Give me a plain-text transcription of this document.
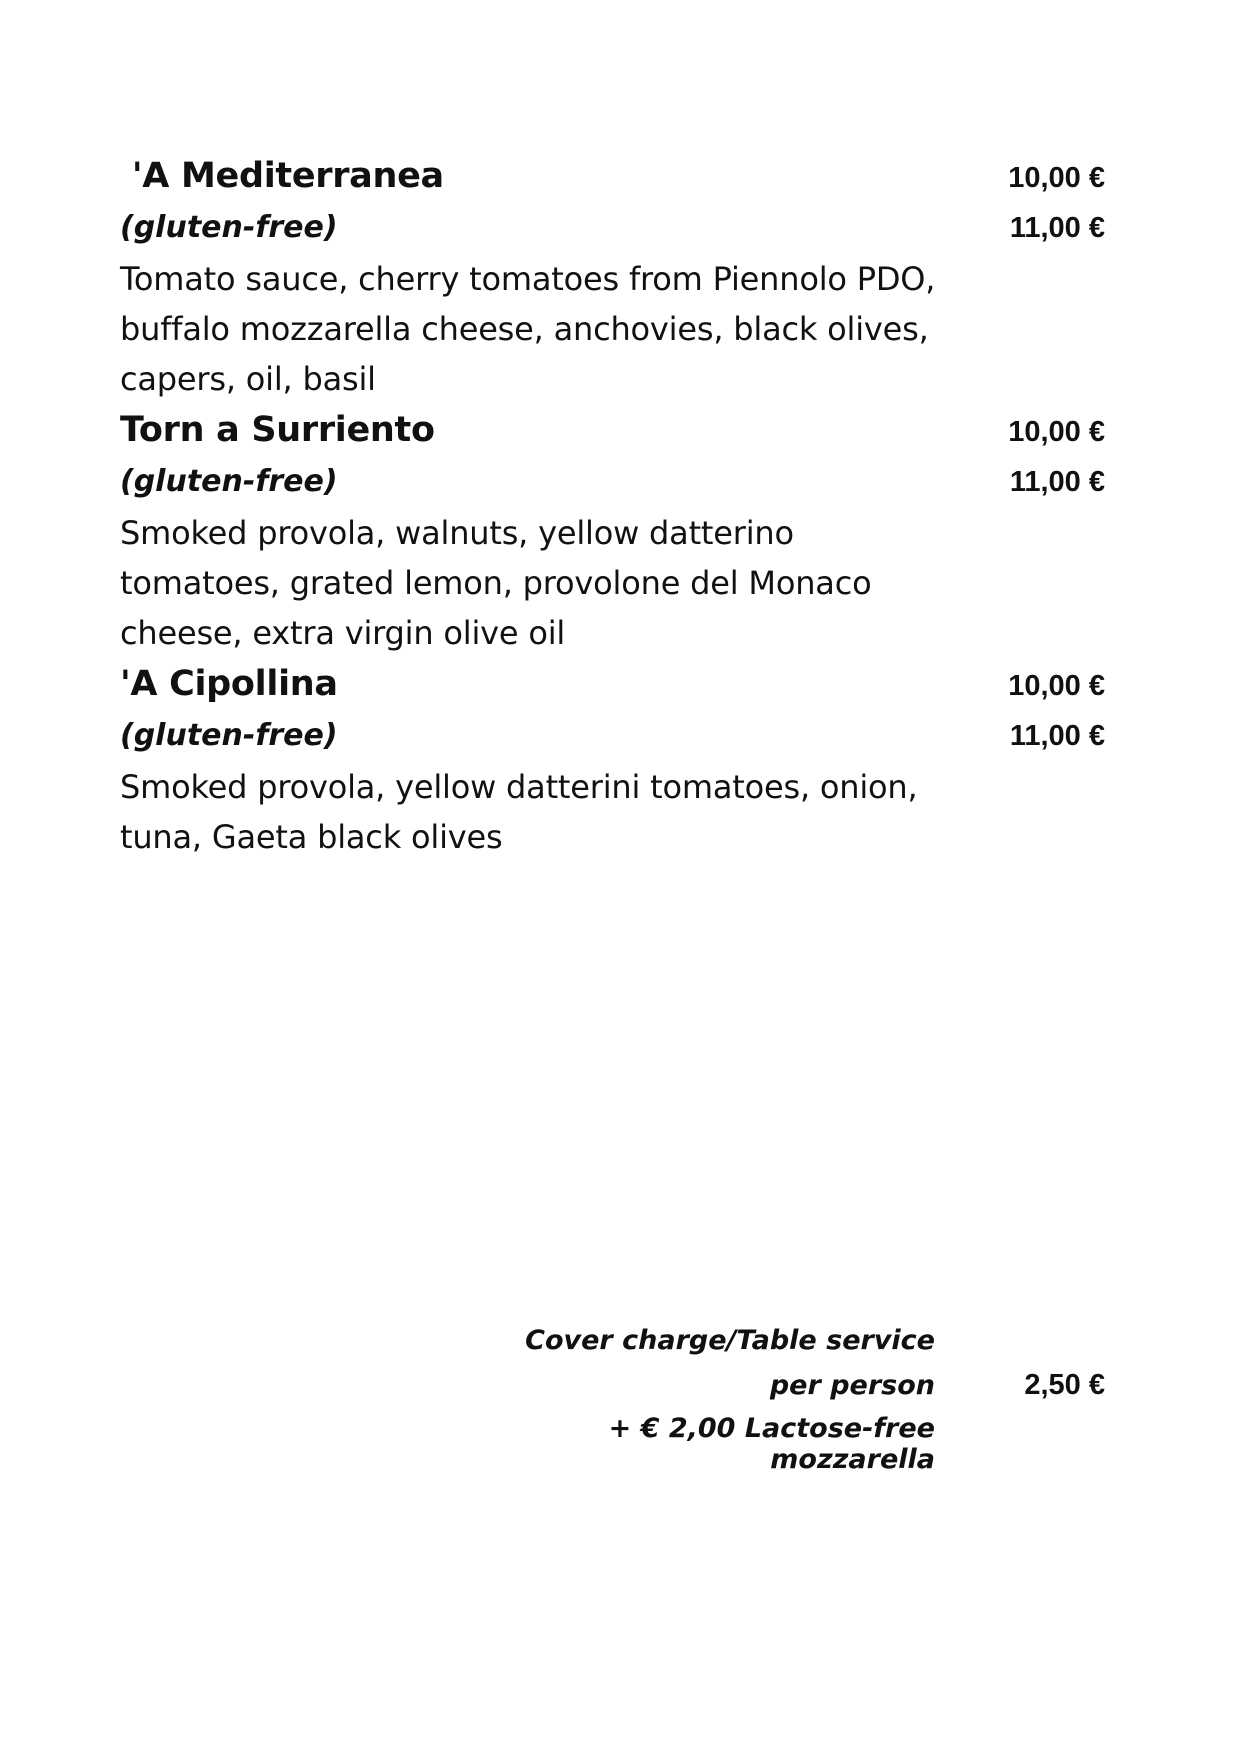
'A Mediterranea	10,00 €
(gluten-free)	11,00 €
Tomato sauce, cherry tomatoes from Piennolo PDO, buffalo mozzarella cheese, anchovies, black olives, capers, oil, basil
Torn a Surriento	10,00 €
(gluten-free)	11,00 €
Smoked provola, walnuts, yellow datterino tomatoes, grated lemon, provolone del Monaco cheese, extra virgin olive oil
'A Cipollina	10,00 €
(gluten-free)	11,00 €
Smoked provola, yellow datterini tomatoes, onion, tuna, Gaeta black olives
Cover charge/Table service
per person	2,50 €
+ € 2,00 Lactose-free mozzarella
